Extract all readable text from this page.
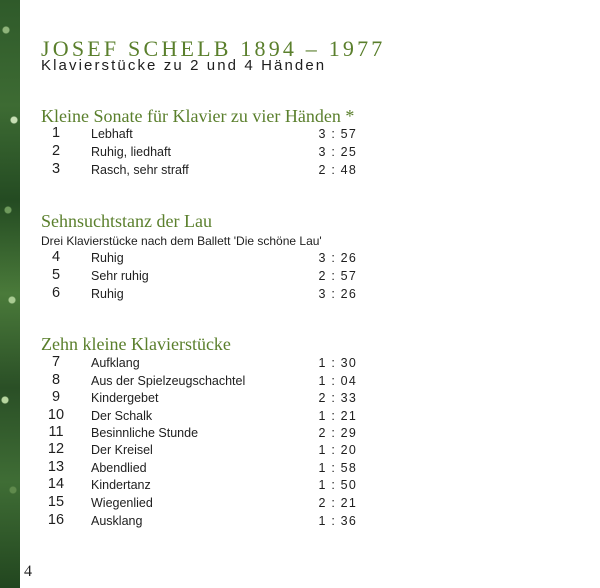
JOSEF SCHELB 1894 – 1977
Klavierstücke zu 2 und 4 Händen
Kleine Sonate für Klavier zu vier Händen *
1	Lebhaft	3 : 57
2	Ruhig, liedhaft	3 : 25
3	Rasch, sehr straff	2 : 48
Sehnsuchtstanz der Lau
Drei Klavierstücke nach dem Ballett 'Die schöne Lau'
4	Ruhig	3 : 26
5	Sehr ruhig	2 : 57
6	Ruhig	3 : 26
Zehn kleine Klavierstücke
7	Aufklang	1 : 30
8	Aus der Spielzeugschachtel	1 : 04
9	Kindergebet	2 : 33
10	Der Schalk	1 : 21
11	Besinnliche Stunde	2 : 29
12	Der Kreisel	1 : 20
13	Abendlied	1 : 58
14	Kindertanz	1 : 50
15	Wiegenlied	2 : 21
16	Ausklang	1 : 36
4
